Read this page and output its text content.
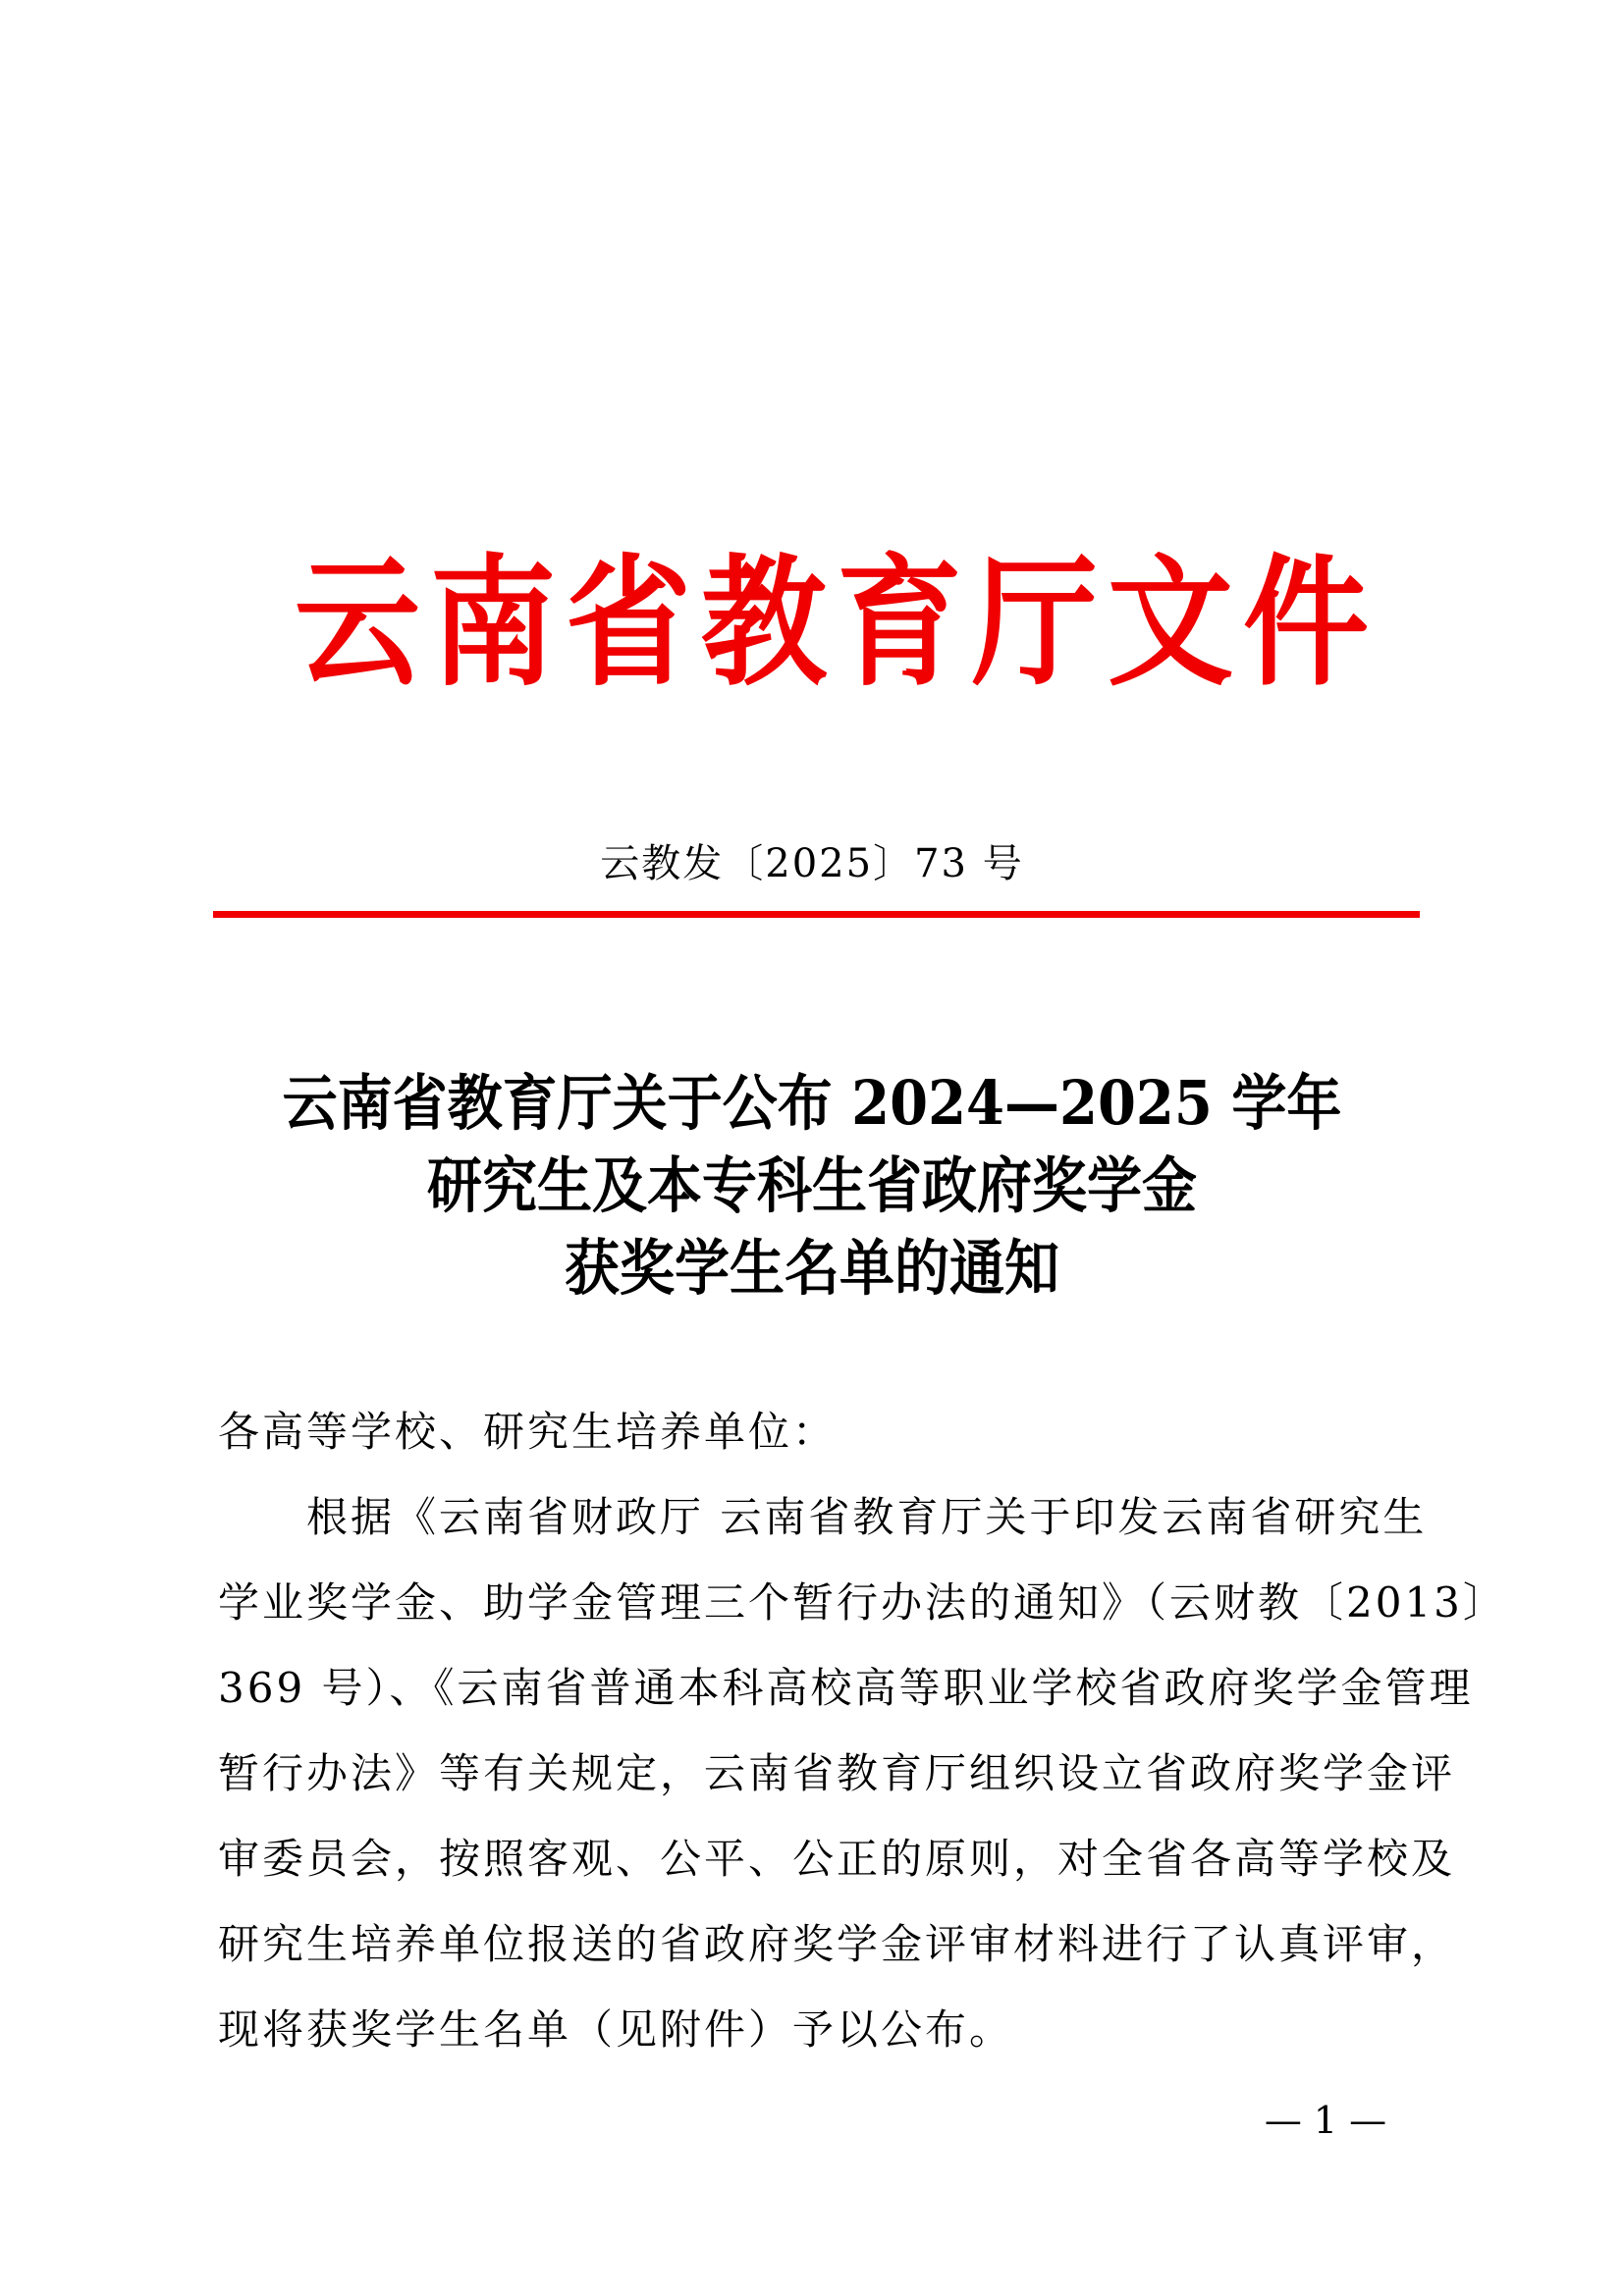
云南省教育厅文件
云教发〔2025〕73 号
云南省教育厅关于公布 2024—2025 学年
研究生及本专科生省政府奖学金
获奖学生名单的通知
各高等学校、研究生培养单位：
根据《云南省财政厅 云南省教育厅关于印发云南省研究生
学业奖学金、助学金管理三个暂行办法的通知》（云财教〔2013〕
369 号）、《云南省普通本科高校高等职业学校省政府奖学金管理
暂行办法》等有关规定，云南省教育厅组织设立省政府奖学金评
审委员会，按照客观、公平、公正的原则，对全省各高等学校及
研究生培养单位报送的省政府奖学金评审材料进行了认真评审，
现将获奖学生名单（见附件）予以公布。
— 1 —
